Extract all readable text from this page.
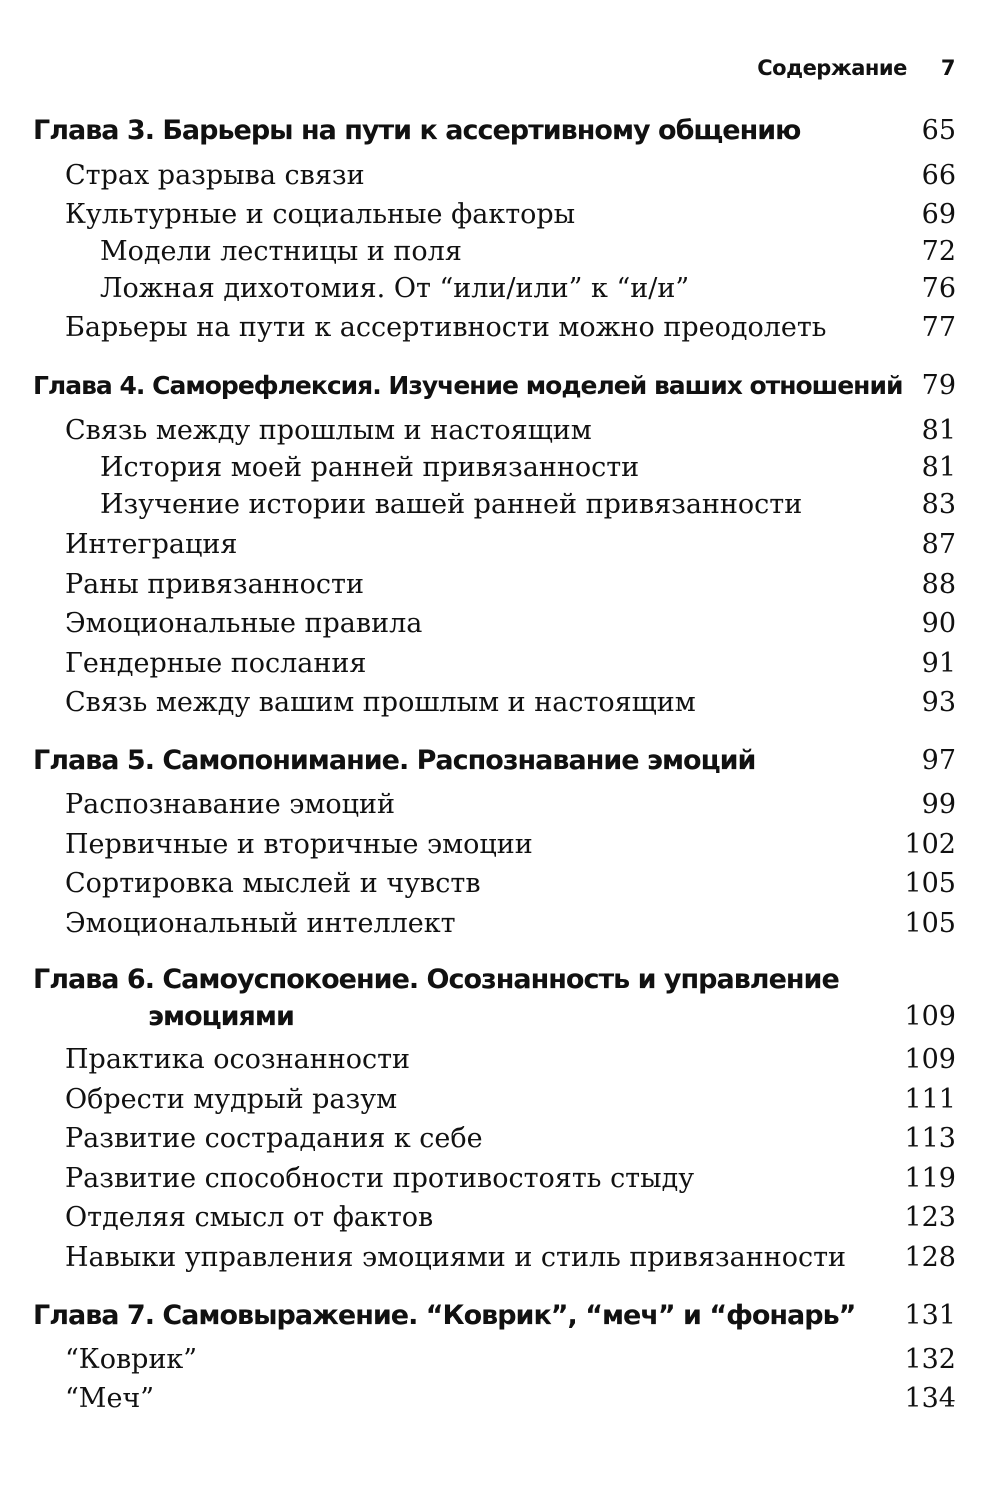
Содержание 7
Глава 3. Барьеры на пути к ассертивному общению	65
Страх разрыва связи	66
Культурные и социальные факторы	69
Модели лестницы и поля	72
Ложная дихотомия. От “или/или” к “и/и”	76
Барьеры на пути к ассертивности можно преодолеть	77
Глава 4. Саморефлексия. Изучение моделей ваших отношений 79
Связь между прошлым и настоящим	81
История моей ранней привязанности	81
Изучение истории вашей ранней привязанности	83
Интеграция	87
Раны привязанности	88
Эмоциональные правила	90
Гендерные послания	91
Связь между вашим прошлым и настоящим	93
Глава 5. Самопонимание. Распознавание эмоций	97
Распознавание эмоций	99
Первичные и вторичные эмоции	102
Сортировка мыслей и чувств	105
Эмоциональный интеллект	105
Глава 6. Самоуспокоение. Осознанность и управление
эмоциями	109
Практика осознанности	109
Обрести мудрый разум	111
Развитие сострадания к себе	113
Развитие способности противостоять стыду	119
Отделяя смысл от фактов	123
Навыки управления эмоциями и стиль привязанности 128
Глава 7. Самовыражение. “Коврик”, “меч” и “фонарь” 131
“Коврик”	132
“Меч”	134
